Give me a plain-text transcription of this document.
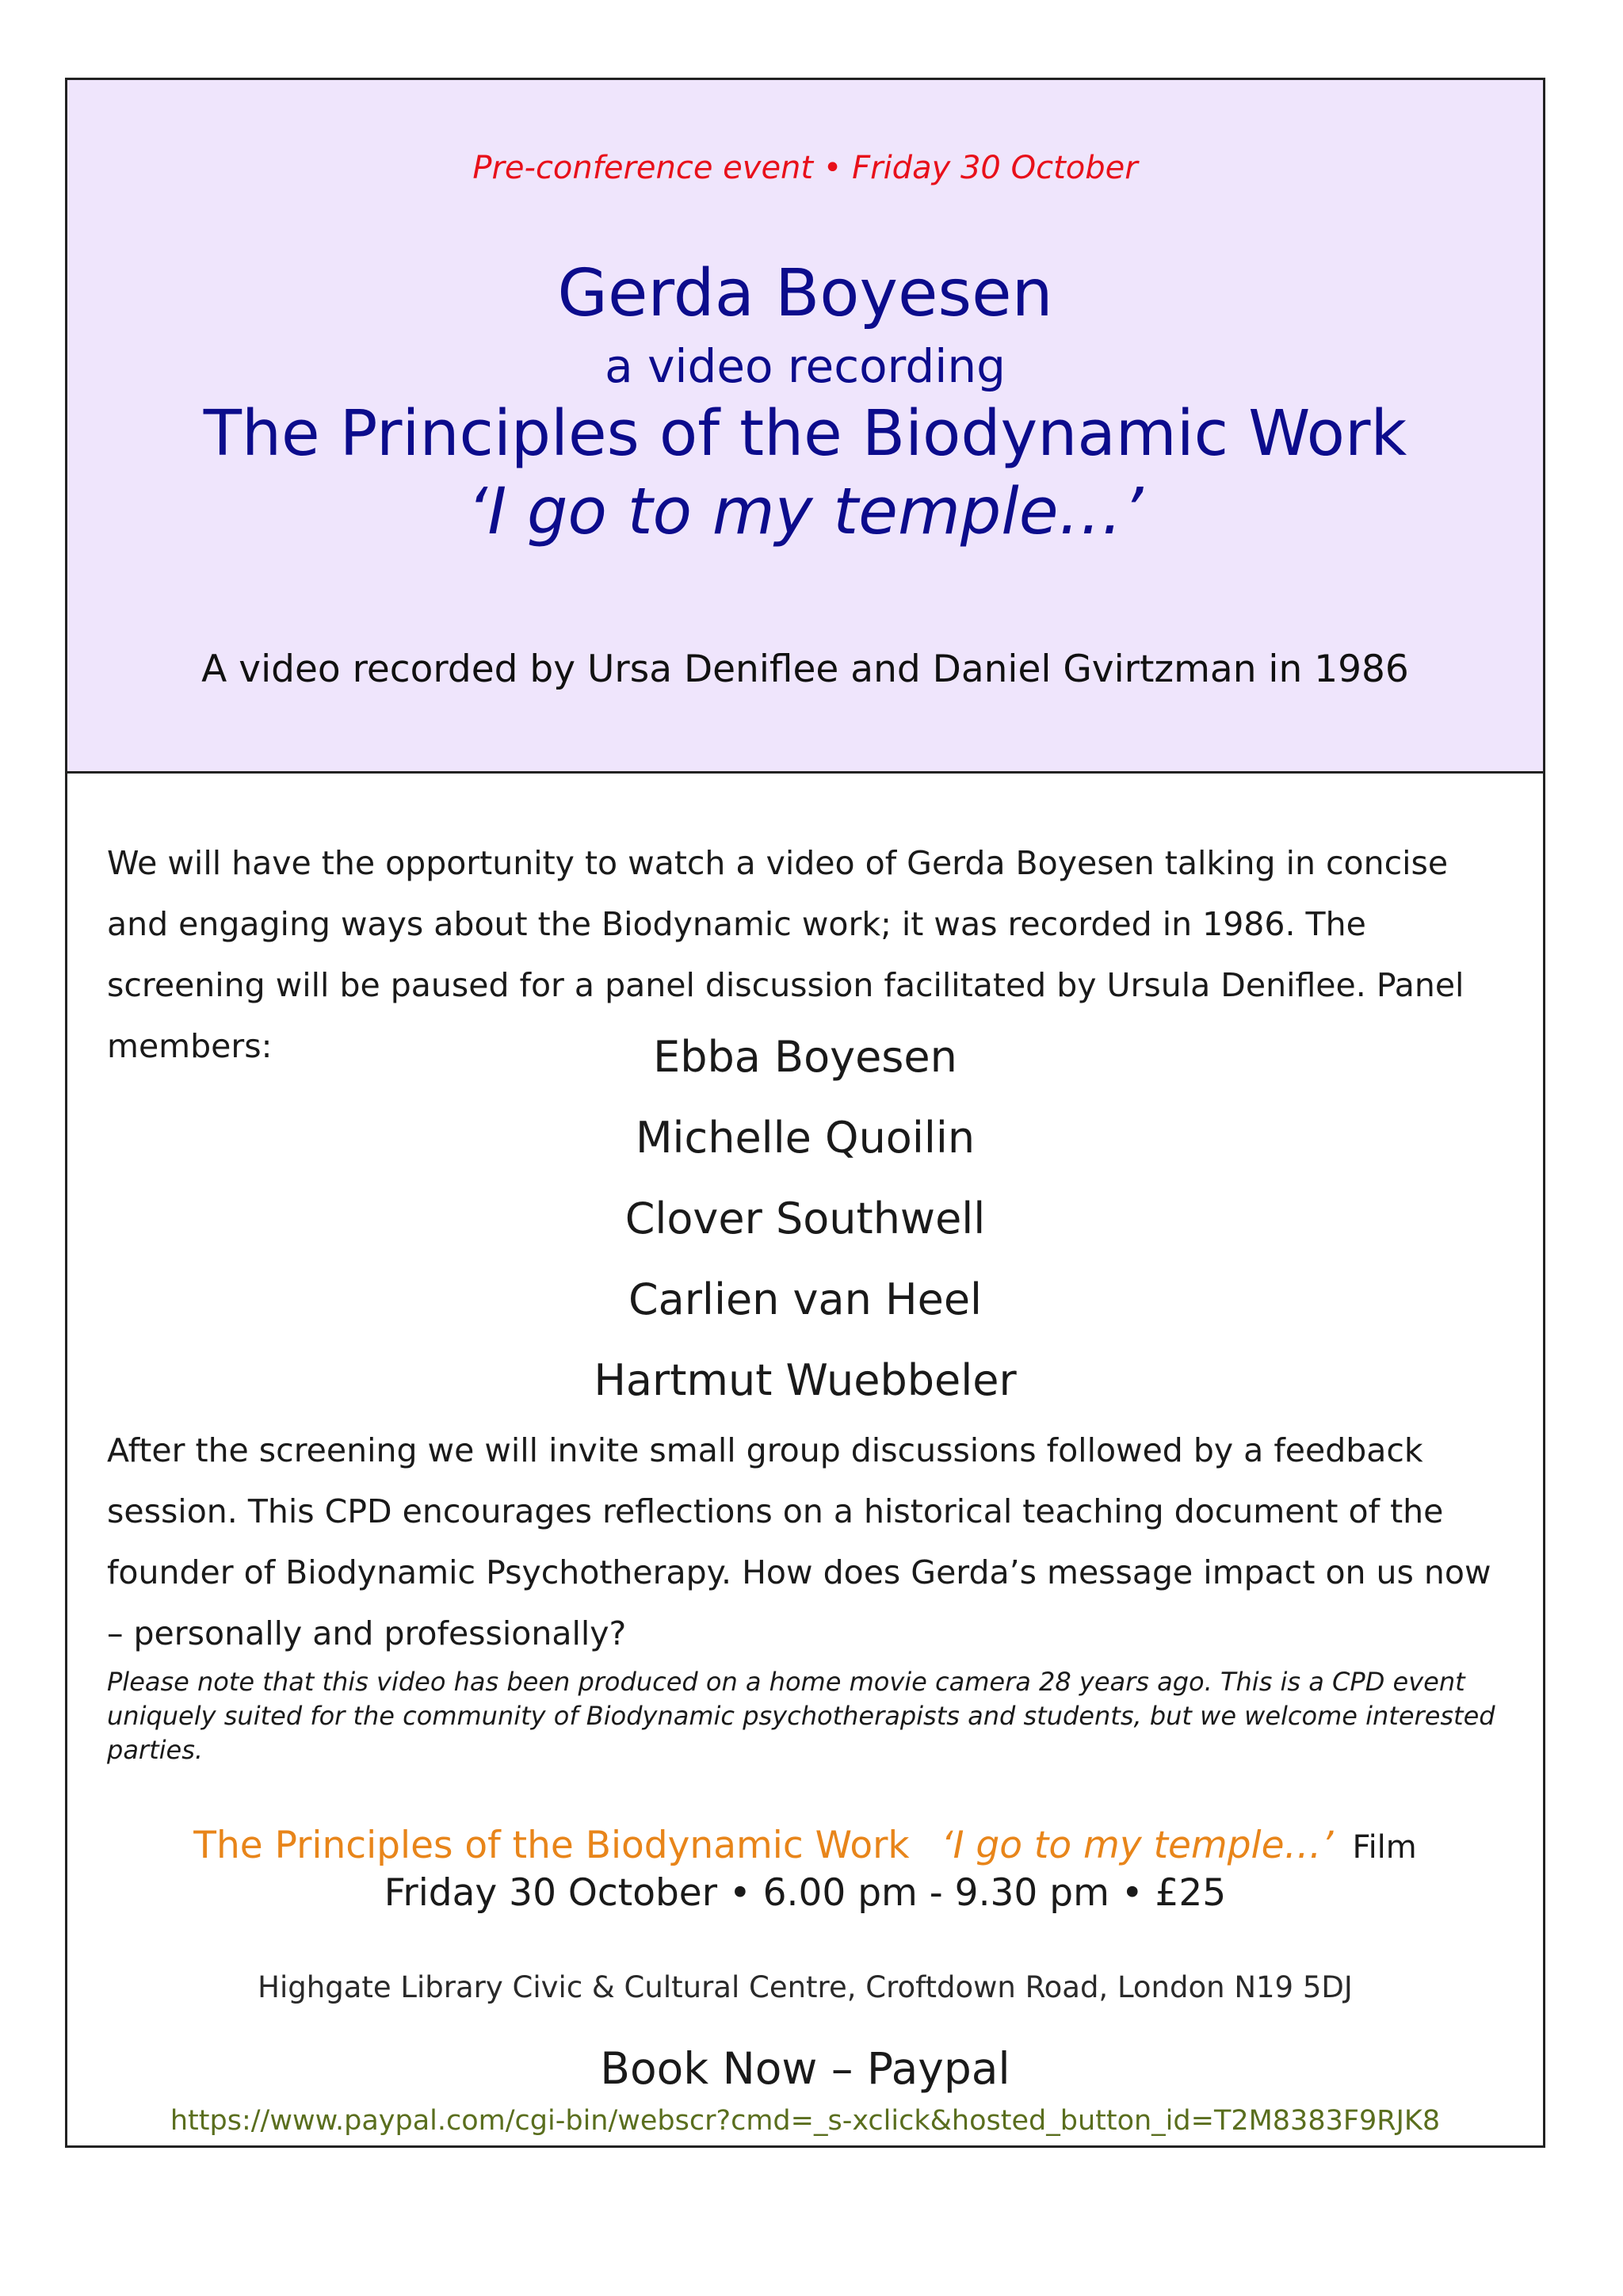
Pre-conference event • Friday 30 October
Gerda Boyesen
a video recording
The Principles of the Biodynamic Work
‘I go to my temple…’
A video recorded by Ursa Deniflee and Daniel Gvirtzman in 1986

We will have the opportunity to watch a video of Gerda Boyesen talking in concise and engaging ways about the Biodynamic work; it was recorded in 1986. The screening will be paused for a panel discussion facilitated by Ursula Deniflee. Panel members:	Ebba Boyesen
Michelle Quoilin
Clover Southwell
Carlien van Heel
Hartmut Wuebbeler

After the screening we will invite small group discussions followed by a feedback session. This CPD encourages reflections on a historical teaching document of the founder of Biodynamic Psychotherapy. How does Gerda’s message impact on us now – personally and professionally?

Please note that this video has been produced on a home movie camera 28 years ago. This is a CPD event uniquely suited for the community of Biodynamic psychotherapists and students, but we welcome interested parties.

The Principles of the Biodynamic Work ‘I go to my temple…’ Film
Friday 30 October • 6.00 pm - 9.30 pm • £25
Highgate Library Civic & Cultural Centre, Croftdown Road, London N19 5DJ
Book Now – Paypal
https://www.paypal.com/cgi-bin/webscr?cmd=_s-xclick&hosted_button_id=T2M8383F9RJK8
